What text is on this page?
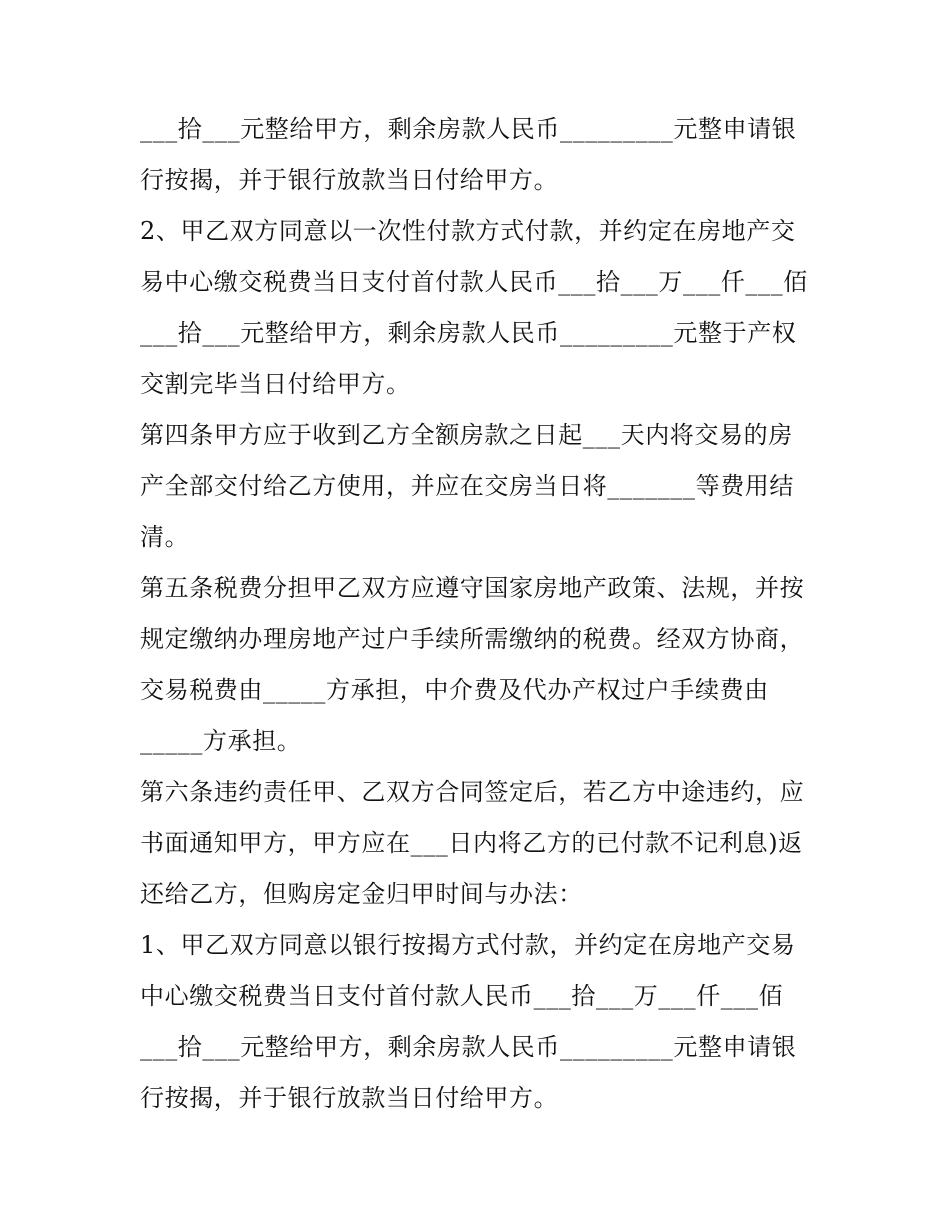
___拾___元整给甲方，剩余房款人民币_________元整申请银

行按揭，并于银行放款当日付给甲方。

2、甲乙双方同意以一次性付款方式付款，并约定在房地产交

易中心缴交税费当日支付首付款人民币___拾___万___仟___佰

___拾___元整给甲方，剩余房款人民币_________元整于产权

交割完毕当日付给甲方。

第四条甲方应于收到乙方全额房款之日起___天内将交易的房

产全部交付给乙方使用，并应在交房当日将_______等费用结

清。

第五条税费分担甲乙双方应遵守国家房地产政策、法规，并按

规定缴纳办理房地产过户手续所需缴纳的税费。经双方协商，

交易税费由_____方承担，中介费及代办产权过户手续费由

_____方承担。

第六条违约责任甲、乙双方合同签定后，若乙方中途违约，应

书面通知甲方，甲方应在___日内将乙方的已付款不记利息)返

还给乙方，但购房定金归甲时间与办法：

1、甲乙双方同意以银行按揭方式付款，并约定在房地产交易

中心缴交税费当日支付首付款人民币___拾___万___仟___佰

___拾___元整给甲方，剩余房款人民币_________元整申请银

行按揭，并于银行放款当日付给甲方。
